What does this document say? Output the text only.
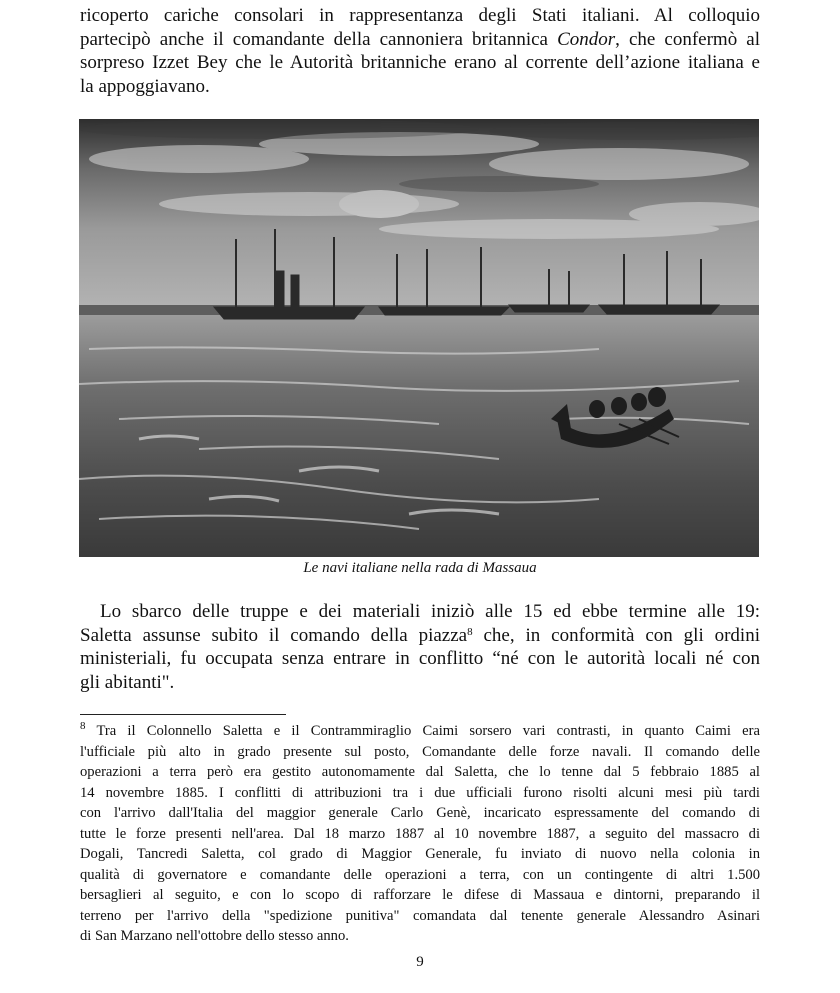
ricoperto cariche consolari in rappresentanza degli Stati italiani. Al colloquio
partecipò anche il comandante della cannoniera britannica Condor, che confermò al
sorpreso Izzet Bey che le Autorità britanniche erano al corrente dell’azione italiana e
la appoggiavano.
Le navi italiane nella rada di Massaua
Lo sbarco delle truppe e dei materiali iniziò alle 15 ed ebbe termine alle 19:
Saletta assunse subito il comando della piazza$^8$ che, in conformità con gli ordini
ministeriali, fu occupata senza entrare in conflitto “né con le autorità locali né con
gli abitanti".
$^8$ Tra il Colonnello Saletta e il Contrammiraglio Caimi sorsero vari contrasti, in quanto Caimi era
l'ufficiale più alto in grado presente sul posto, Comandante delle forze navali. Il comando delle
operazioni a terra però era gestito autonomamente dal Saletta, che lo tenne dal 5 febbraio 1885 al
14 novembre 1885. I conflitti di attribuzioni tra i due ufficiali furono risolti alcuni mesi più tardi
con l'arrivo dall'Italia del maggior generale Carlo Genè, incaricato espressamente del comando di
tutte le forze presenti nell'area. Dal 18 marzo 1887 al 10 novembre 1887, a seguito del massacro di
Dogali, Tancredi Saletta, col grado di Maggior Generale, fu inviato di nuovo nella colonia in
qualità di governatore e comandante delle operazioni a terra, con un contingente di altri 1.500
bersaglieri al seguito, e con lo scopo di rafforzare le difese di Massaua e dintorni, preparando il
terreno per l'arrivo della "spedizione punitiva" comandata dal tenente generale Alessandro Asinari
di San Marzano nell'ottobre dello stesso anno.
9
